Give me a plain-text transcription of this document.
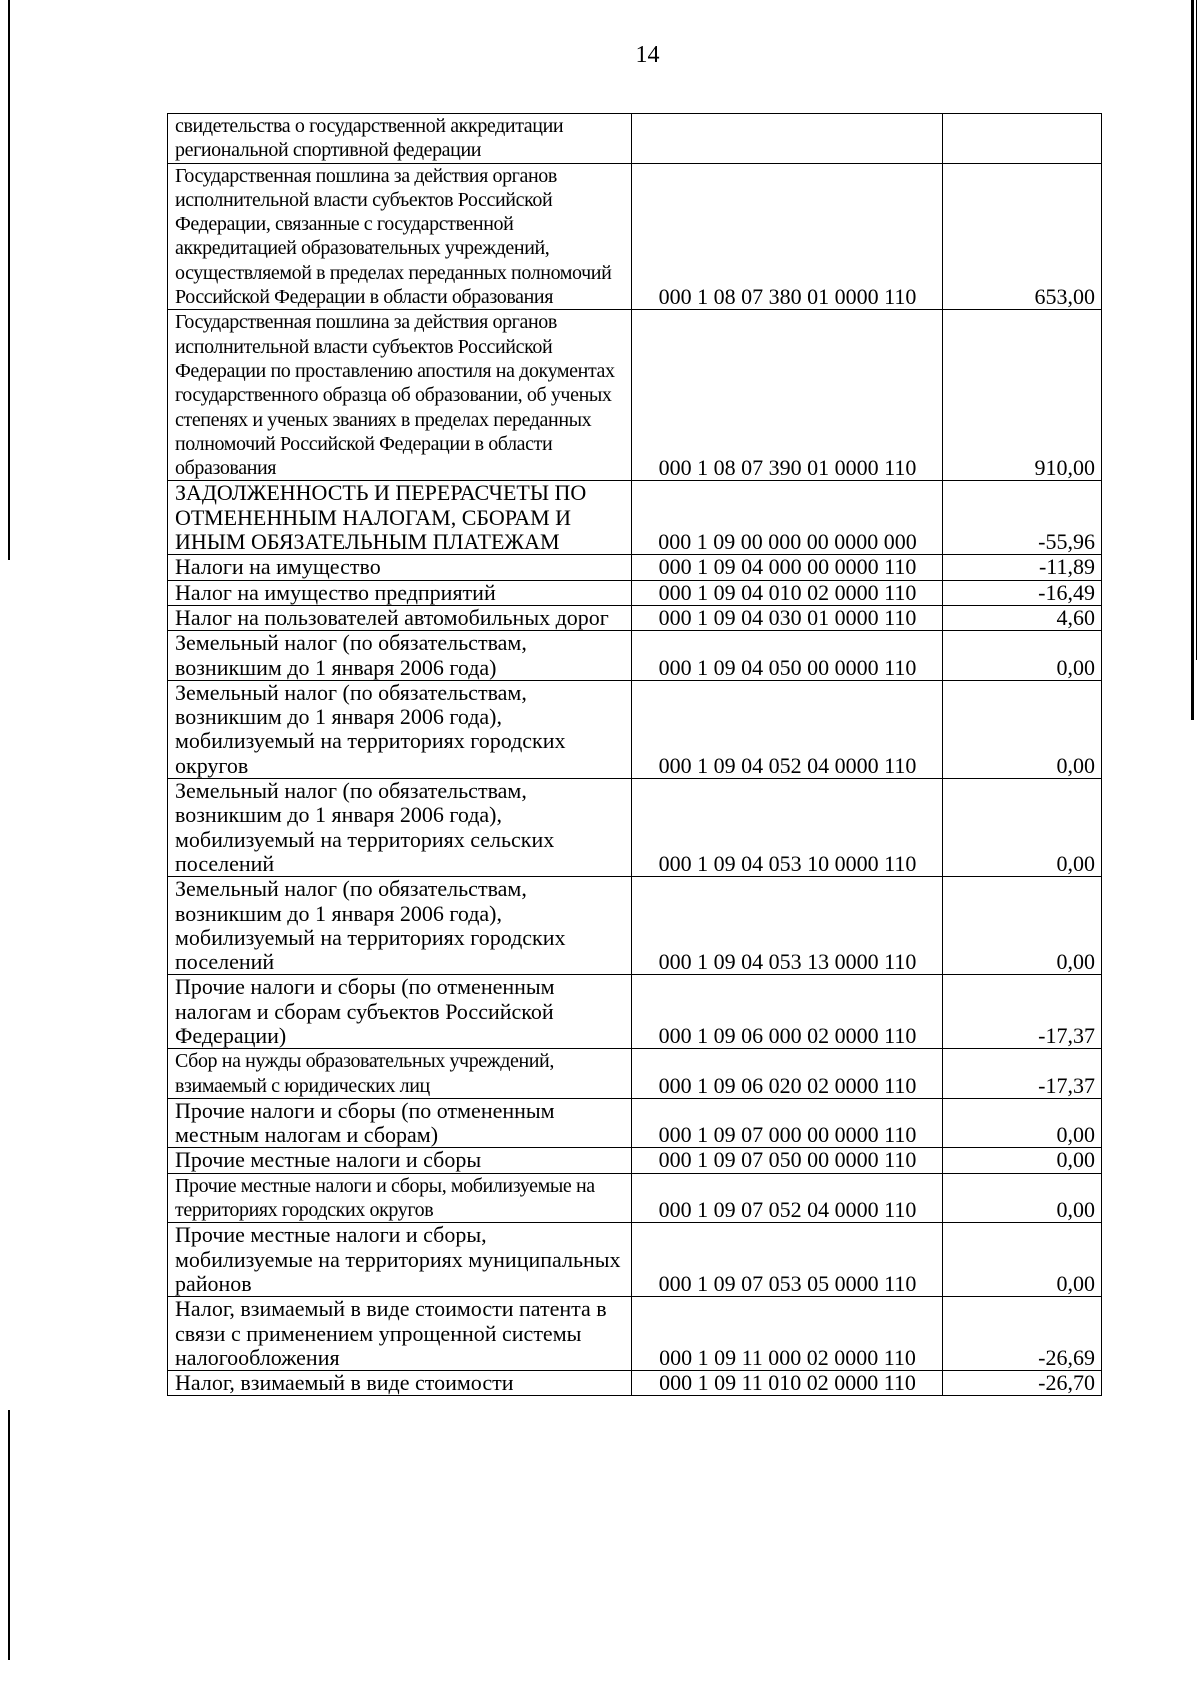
14
свидетельства о государственной аккредитации региональной спортивной федерации		
Государственная пошлина за действия органов исполнительной власти субъектов Российской Федерации, связанные с государственной аккредитацией образовательных учреждений, осуществляемой в пределах переданных полномочий Российской Федерации в области образования	000 1 08 07 380 01 0000 110	653,00
Государственная пошлина за действия органов исполнительной власти субъектов Российской Федерации по проставлению апостиля на документах государственного образца об образовании, об ученых степенях и ученых званиях в пределах переданных полномочий Российской Федерации в области образования	000 1 08 07 390 01 0000 110	910,00
ЗАДОЛЖЕННОСТЬ И ПЕРЕРАСЧЕТЫ ПО ОТМЕНЕННЫМ НАЛОГАМ, СБОРАМ И ИНЫМ ОБЯЗАТЕЛЬНЫМ ПЛАТЕЖАМ	000 1 09 00 000 00 0000 000	-55,96
Налоги на имущество	000 1 09 04 000 00 0000 110	-11,89
Налог на имущество предприятий	000 1 09 04 010 02 0000 110	-16,49
Налог на пользователей автомобильных дорог	000 1 09 04 030 01 0000 110	4,60
Земельный налог (по обязательствам, возникшим до 1 января 2006 года)	000 1 09 04 050 00 0000 110	0,00
Земельный налог (по обязательствам, возникшим до 1 января 2006 года), мобилизуемый на территориях городских округов	000 1 09 04 052 04 0000 110	0,00
Земельный налог (по обязательствам, возникшим до 1 января 2006 года), мобилизуемый на территориях сельских поселений	000 1 09 04 053 10 0000 110	0,00
Земельный налог (по обязательствам, возникшим до 1 января 2006 года), мобилизуемый на территориях городских поселений	000 1 09 04 053 13 0000 110	0,00
Прочие налоги и сборы (по отмененным налогам и сборам субъектов Российской Федерации)	000 1 09 06 000 02 0000 110	-17,37
Сбор на нужды образовательных учреждений, взимаемый с юридических лиц	000 1 09 06 020 02 0000 110	-17,37
Прочие налоги и сборы (по отмененным местным налогам и сборам)	000 1 09 07 000 00 0000 110	0,00
Прочие местные налоги и сборы	000 1 09 07 050 00 0000 110	0,00
Прочие местные налоги и сборы, мобилизуемые на территориях городских округов	000 1 09 07 052 04 0000 110	0,00
Прочие местные налоги и сборы, мобилизуемые на территориях муниципальных районов	000 1 09 07 053 05 0000 110	0,00
Налог, взимаемый в виде стоимости патента в связи с применением упрощенной системы налогообложения	000 1 09 11 000 02 0000 110	-26,69
Налог, взимаемый в виде стоимости	000 1 09 11 010 02 0000 110	-26,70
